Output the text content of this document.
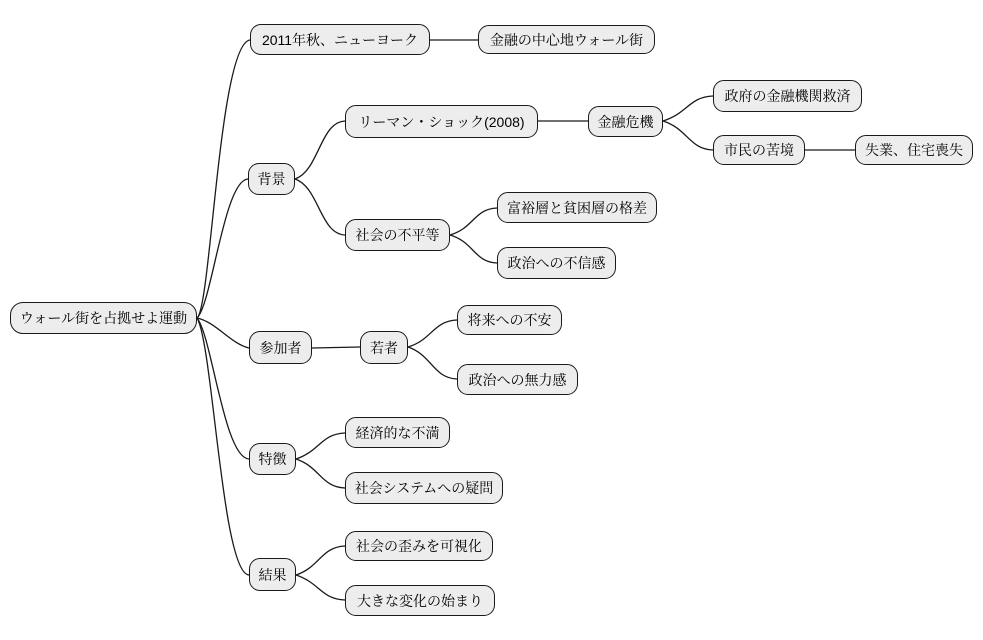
ウォール街を占拠せよ運動
2011年秋、ニューヨーク	金融の中心地ウォール街
背景
リーマン・ショック(2008)	金融危機
政府の金融機関救済
市民の苦境	失業、住宅喪失
社会の不平等
富裕層と貧困層の格差
政治への不信感
参加者	若者
将来への不安
政治への無力感
特徴
経済的な不満
社会システムへの疑問
結果
社会の歪みを可視化
大きな変化の始まり
